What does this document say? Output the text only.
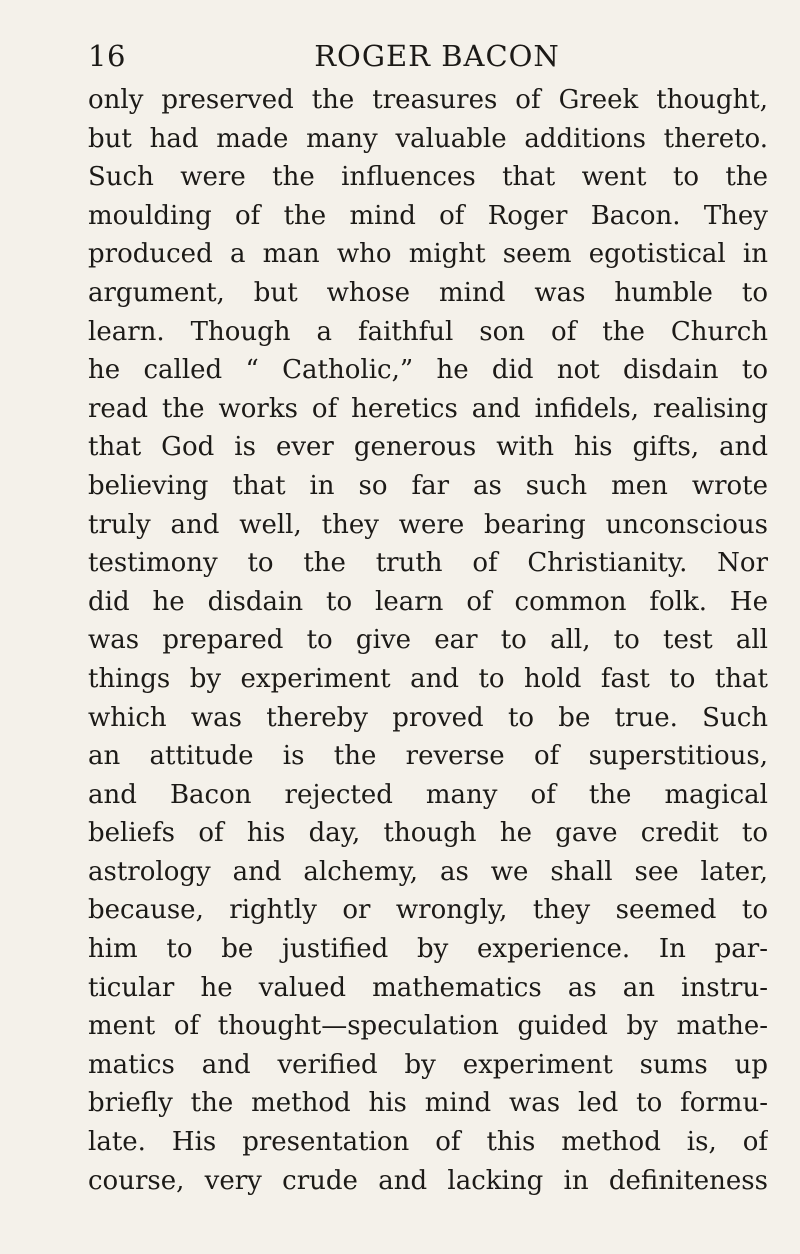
16	ROGER BACON
only preserved the treasures of Greek thought,
but had made many valuable additions thereto.
Such were the influences that went to the
moulding of the mind of Roger Bacon. They
produced a man who might seem egotistical in
argument, but whose mind was humble to
learn. Though a faithful son of the Church
he called “ Catholic,” he did not disdain to
read the works of heretics and infidels, realising
that God is ever generous with his gifts, and
believing that in so far as such men wrote
truly and well, they were bearing unconscious
testimony to the truth of Christianity. Nor
did he disdain to learn of common folk. He
was prepared to give ear to all, to test all
things by experiment and to hold fast to that
which was thereby proved to be true. Such
an attitude is the reverse of superstitious,
and Bacon rejected many of the magical
beliefs of his day, though he gave credit to
astrology and alchemy, as we shall see later,
because, rightly or wrongly, they seemed to
him to be justified by experience. In par-
ticular he valued mathematics as an instru-
ment of thought—speculation guided by mathe-
matics and verified by experiment sums up
briefly the method his mind was led to formu-
late. His presentation of this method is, of
course, very crude and lacking in definiteness
